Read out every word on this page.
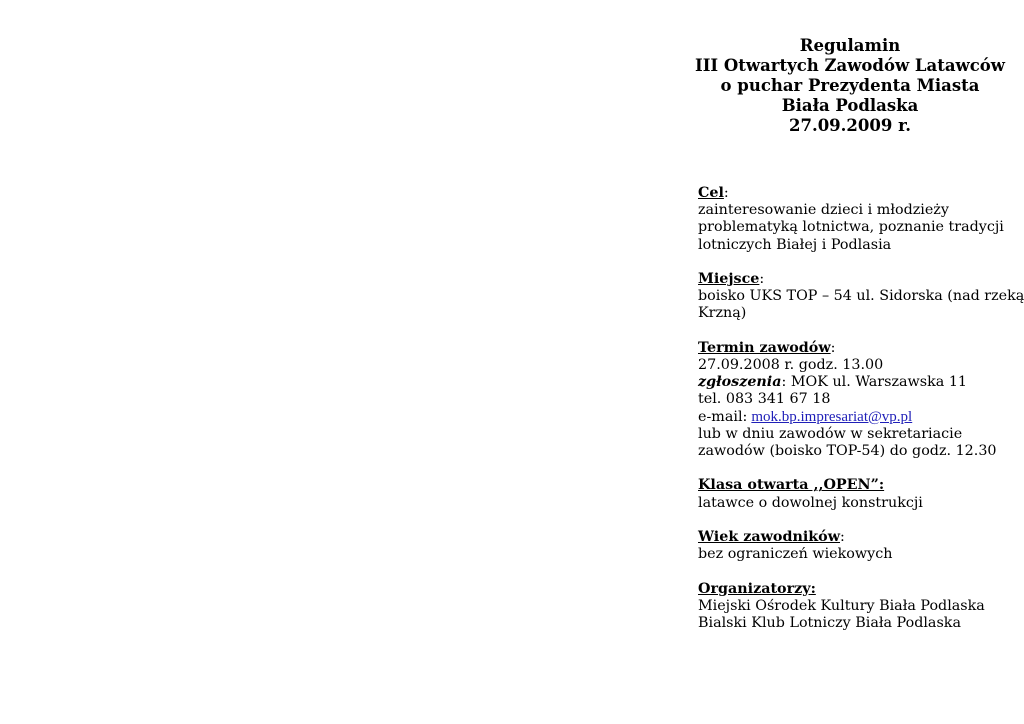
Regulamin
III Otwartych Zawodów Latawców
o puchar Prezydenta Miasta
Biała Podlaska
27.09.2009 r.
Cel:
zainteresowanie dzieci i młodzieży
problematyką lotnictwa, poznanie tradycji
lotniczych Białej i Podlasia
Miejsce:
boisko UKS TOP – 54 ul. Sidorska (nad rzeką
Krzną)
Termin zawodów:
27.09.2008 r. godz. 13.00
zgłoszenia: MOK ul. Warszawska 11
tel. 083 341 67 18
e-mail: mok.bp.impresariat@vp.pl
lub w dniu zawodów w sekretariacie
zawodów (boisko TOP-54) do godz. 12.30
Klasa otwarta ,,OPEN”:
latawce o dowolnej konstrukcji
Wiek zawodników:
bez ograniczeń wiekowych
Organizatorzy:
Miejski Ośrodek Kultury Biała Podlaska
Bialski Klub Lotniczy Biała Podlaska
